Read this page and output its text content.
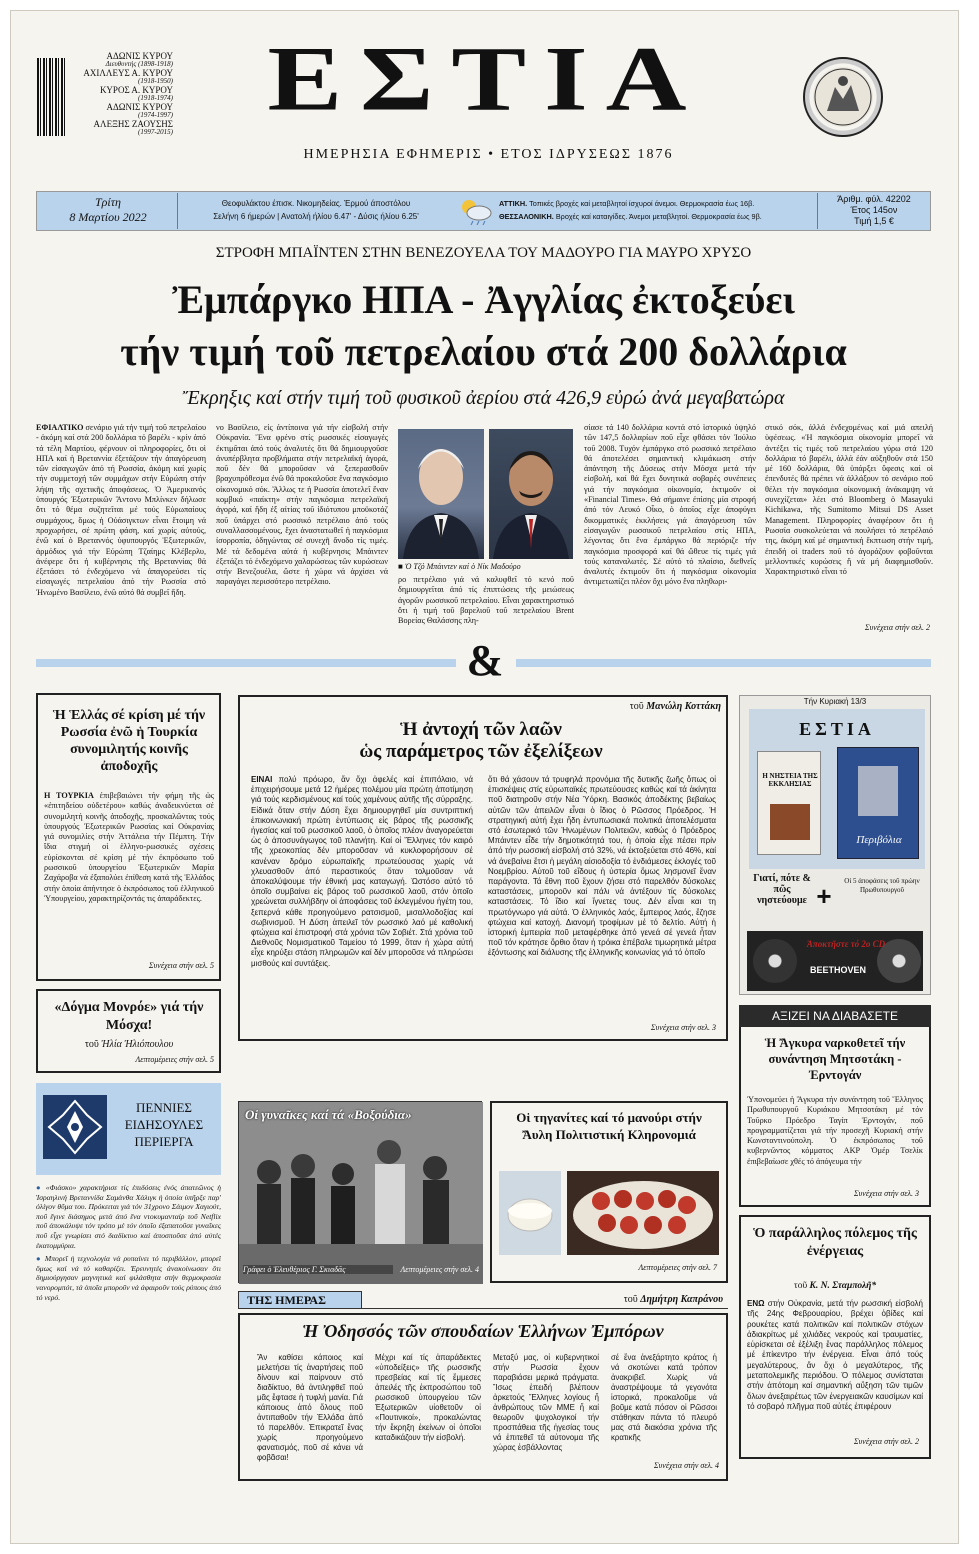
ΑΔΩΝΙΣ ΚΥΡΟΥ
Διευθυντής (1898-1918)
ΑΧΙΛΛΕΥΣ Α. ΚΥΡΟΥ
(1918-1950)
ΚΥΡΟΣ Α. ΚΥΡΟΥ
(1918-1974)
ΑΔΩΝΙΣ ΚΥΡΟΥ
(1974-1997)
ΑΛΕΞΗΣ ΖΑΟΥΣΗΣ
(1997-2015)
ΕΣΤΙΑ
ΗΜΕΡΗΣΙΑ ΕΦΗΜΕΡΙΣ • ΕΤΟΣ ΙΔΡΥΣΕΩΣ 1876
Τρίτη
8 Μαρτίου 2022
Θεοφυλάκτου έπισκ. Νικομηδείας. Έρμού άποστόλου
Σελήνη 6 ήμερών | Ανατολή ήλίου 6.47' - Δύσις ήλίου 6.25'
ΑΤΤΙΚΗ. Τοπικές βροχές καί μεταβλητοί ίσχυροί άνεμοι. Θερμοκρασία έως 16β.
ΘΕΣΣΑΛΟΝΙΚΗ. Βροχές καί καταιγίδες. Άνεμοι μεταβλητοί. Θερμοκρασία έως 9β.
Άριθμ. φύλ. 42202
Έτος 145ον
Τιμή 1,5 €
ΣΤΡΟΦΗ ΜΠΑΪΝΤΕΝ ΣΤΗΝ ΒΕΝΕΖΟΥΕΛΑ ΤΟΥ ΜΑΔΟΥΡΟ ΓΙΑ ΜΑΥΡΟ ΧΡΥΣΟ
Ἐμπάργκο ΗΠΑ - Ἀγγλίας ἐκτοξεύει
τήν τιμή τοῦ πετρελαίου στά 200 δολλάρια
Ἔκρηξις καί στήν τιμή τοῦ φυσικοῦ ἀερίου στά 426,9 εὐρώ ἀνά μεγαβατώρα
ΕΦΙΑΛΤΙΚΟ σενάριο γιά τήν τιμή τοῦ πετρελαίου - ἀκόμη καί στά 200 δολλάρια τό βαρέλι - κρίν ἀπό τά τέλη Μαρτίου, φέρνουν οἱ πληροφορίες, ὅτι οἱ ΗΠΑ καί ἡ Βρεταννία ἐξετάζουν τήν ἀπαγόρευση τῶν εἰσαγωγῶν ἀπό τή Ρωσσία, ἀκόμη καί χωρίς τήν συμμετοχή τῶν συμμάχων στήν Εὐρώπη στήν λήψη τῆς σχετικῆς ἀποφάσεως. Ὁ Ἀμερικανός ὑπουργός Ἐξωτερικῶν Ἄντονυ Μπλίνκεν δήλωσε ὅτι τό θέμα συζητεῖται μέ τούς Εὐρωπαίους συμμάχους, ὅμως ἡ Οὐάσιγκτων εἶναι ἕτοιμη νά προχωρήσει, σέ πρώτη φάση, καί χωρίς αὐτούς, ἐνῶ καί ὁ Βρεταννός ὑφυπουργός Ἐξωτερικῶν, ἁρμόδιος γιά τήν Εὐρώπη Τζαίημς Κλέβερλυ, ἀνέφερε ὅτι ἡ κυβέρνησις τῆς Βρεταννίας θά ἐξετάσει τό ἐνδεχόμενο νά ἀπαγορεύσει τίς εἰσαγωγές πετρελαίου ἀπό τήν Ρωσσία στό Ἠνωμένο Βασίλειο, ἐνῶ αὐτό θά συμβεῖ ἤδη.
νο Βασίλειο, εἰς ἀντίποινα γιά τήν εἰσβολή στήν Οὐκρανία. Ἕνα φρένο στίς ρωσσικές εἰσαγωγές ἐκτιμᾶται ἀπό τούς ἀναλυτές ὅτι θά δημιουργοῦσε ἀνυπέρβλητα προβλήματα στήν πετρελαϊκή ἀγορά, ποῦ δέν θά μποροῦσαν νά ξεπερασθοῦν βραχυπρόθεσμα ἐνῶ θά προκαλοῦσε ἕνα παγκόσμιο οἰκονομικό σόκ. Ἄλλως τε ἡ Ρωσσία ἀποτελεῖ ἕναν κομβικό «παίκτη» στήν παγκόσμια πετρελαϊκή ἀγορά, καί ἤδη ἐξ αἰτίας τοῦ ἰδιότυπου μποϋκοτάζ ποῦ ὑπάρχει στό ρωσσικό πετρέλαιο ἀπό τούς συναλλασσομένους, ἔχει ἀναστατωθεῖ ἡ παγκόσμια ἰσορροπία, ὁδηγώντας σέ συνεχῆ ἄνοδο τίς τιμές. Μέ τά δεδομένα αὐτά ἡ κυβέρνησις Μπάιντεν ἐξετάζει τό ἐνδεχόμενο χαλαρώσεως τῶν κυρώσεων στήν Βενεζουέλα, ὥστε ἡ χώρα νά ἀρχίσει νά παραγάγει περισσότερο πετρέλαιο.
■ Ὁ Τζό Μπάιντεν καί ὁ Νίκ Μαδούρο
ρο πετρέλαιο γιά νά καλυφθεῖ τό κενό ποῦ δημιουργεῖται ἀπό τίς ἐπιπτώσεις τῆς μειώσεως ἀγορῶν ρωσσικοῦ πετρελαίου. Εἶναι χαρακτηριστικό ὅτι ἡ τιμή τοῦ βαρελιοῦ τοῦ πετρελαίου Brent Βορείας Θαλάσσης πλη-
σίασε τά 140 δολλάρια κοντά στό ἱστορικό ὑψηλό τῶν 147,5 δολλαρίων ποῦ εἶχε φθάσει τόν Ἰούλιο τοῦ 2008. Τυχόν ἐμπάργκο στό ρωσσικό πετρέλαιο θά ἀποτελέσει σημαντική κλιμάκωση στήν ἀπάντηση τῆς Δύσεως στήν Μόσχα μετά τήν εἰσβολή, καί θά ἔχει δυνητικά σοβαρές συνέπειες γιά τήν παγκόσμια οἰκονομία, ἐκτιμοῦν οἱ «Financial Times». Θά σήμαινε ἐπίσης μία στροφή ἀπό τόν Λευκό Οἶκο, ὁ ὁποῖος εἶχε ἀποφύγει δικομματικές ἐκκλήσεις γιά ἀπαγόρευση τῶν εἰσαγωγῶν ρωσσικοῦ πετρελαίου στίς ΗΠΑ, λέγοντας ὅτι ἕνα ἐμπάργκο θά περιόριζε τήν παγκόσμια προσφορά καί θά ὤθευε τίς τιμές γιά τούς καταναλωτές. Σέ αὐτό τό πλαίσιο, διεθνεῖς ἀναλυτές ἐκτιμοῦν ὅτι ἡ παγκόσμια οἰκονομία ἀντιμετωπίζει πλέον ὄχι μόνο ἕνα πληθωρι-
στικό σόκ, ἀλλά ἐνδεχομένως καί μιά απειλή ὑφέσεως. «Ἡ παγκόσμια οἰκονομία μπορεῖ νά ἀντέξει τίς τιμές τοῦ πετρελαίου γύρω στά 120 δολλάρια τό βαρέλι, ἀλλά ἐάν αὐξηθοῦν στά 150 μέ 160 δολλάρια, θά ὑπάρξει ὕφεσις καί οἱ ἐπενδυτές θά πρέπει νά ἀλλάξουν τό σενάριο ποῦ θέλει τήν παγκόσμια οἰκονομική ἀνάκαμψη νά συνεχίζεται» λέει στό Bloomberg ὁ Masayuki Kichikawa, τῆς Sumitomo Mitsui DS Asset Management. Πληροφορίες ἀναφέρουν ὅτι ἡ Ρωσσία συσκολεύεται νά πουλήσει τό πετρέλαιό της, ἀκόμη καί μέ σημαντική ἔκπτωση στήν τιμή, ἐπειδή οἱ traders ποῦ τό ἀγοράζουν φοβοῦνται μελλοντικές κυρώσεις ἤ νά μή διαφημισθοῦν. Χαρακτηριστικό εἶναι τό
Συνέχεια στήν σελ. 2
&
Ἡ Ἑλλάς σέ κρίση μέ τήν Ρωσσία ἐνῶ ἡ Τουρκία συνομιλητής κοινῆς ἀποδοχῆς
Η ΤΟΥΡΚΙΑ ἐπιβεβαιώνει τήν φήμη τῆς ὡς «ἐπιτηδείου οὐδετέρου» καθώς ἀναδεικνύεται σέ συνομιλητή κοινῆς ἀποδοχῆς, προσκαλῶντας τούς ὑπουργούς Ἐξωτερικῶν Ρωσσίας καί Οὐκρανίας γιά συνομιλίες στήν Ἀττάλεια τήν Πέμπτη. Τήν ἴδια στιγμή οἱ ἑλληνο-ρωσσικές σχέσεις εὑρίσκονται σέ κρίση μέ τήν ἐκπρόσωπο τοῦ ρωσσικοῦ ὑπουργείου Ἐξωτερικῶν Μαρία Ζαχάροβα νά ἐξαπολύει ἐπίθεση κατά τῆς Ἑλλάδος στήν ὁποία ἀπήντησε ὁ ἐκπρόσωπος τοῦ ἑλληνικοῦ Ὑπουργείου, χαρακτηρίζοντάς τις ἀπαράδεκτες.
Συνέχεια στήν σελ. 5
«Δόγμα Μονρόε» γιά τήν Μόσχα!
τοῦ Ἠλία Ἠλιόπουλου
Λεπτομέρειες στήν σελ. 5
ΠΕΝΝΙΕΣ ΕΙΔΗΣΟΥΛΕΣ ΠΕΡΙΕΡΓΑ

● «Φιάσκο» χαρακτήρισε τίς ἐπιδόσεις ἐνός ἀπατεῶνος ἡ Ἱσραηλινή Βρεταννίδα Σαμάνθα Χάλιγκ ἡ ὁποία ὑπῆρξε παρ' ὀλίγον θῦμα του. Πρόκειται γιά τόν 31χρονο Σάιμον Χαγιούτ, ποῦ ἔγινε διάσημος μετά ἀπό ἕνα ντοκυμανταίρ τοῦ Netflix ποῦ ἀποκάλυψε τόν τρόπο μέ τόν ὁποῖο ἐξαπατοῦσε γυναῖκες ποῦ εἶχε γνωρίσει στό διαδίκτυο καί ἀποσποῦσε ἀπό αὐτές ἑκατομμύρια.

● Μπορεῖ ἡ τεχνολογία νά ρυπαίνει τό περιβάλλον, μπορεῖ ὅμως καί νά τό καθαρίζει. Ἐρευνητές ἀνακοίνωσαν ὅτι δημιούργησαν μαγνητικά καί φιλάσθητα στήν θερμοκρασία νανορομπότ, τά ὁποῖα μποροῦν νά ἀφαιροῦν τούς ρύπους ἀπό τό νερό.

τοῦ Μανώλη Κοττάκη
Ἡ ἀντοχή τῶν λαῶν
ὡς παράμετρος τῶν ἐξελίξεων
ΕΙΝΑΙ πολύ πρόωρο, ἄν ὄχι ἀφελές καί ἐπιπόλαιο, νά ἐπιχειρήσουμε μετά 12 ἡμέρες πολέμου μία πρώτη ἀποτίμηση γιά τούς κερδισμένους καί τούς χαμένους αὐτῆς τῆς σύρραξης. Εἰδικά ὅταν στήν Δύση ἔχει δημιουργηθεῖ μία συντριπτική ἐπικοινωνιακή πρώτη ἐντύπωσις εἰς βάρος τῆς ρωσσικῆς ἡγεσίας καί τοῦ ρωσσικοῦ λαοῦ, ὁ ὁποῖος πλέον ἀναγορεύεται ὡς ὁ ἀποσυνάγωγος τοῦ πλανήτη. Καί οἱ Ἕλληνες τόν καιρό τῆς χρεοκοπίας δέν μποροῦσαν νά κυκλοφορήσουν σέ κανέναν δρόμο εὐρωπαϊκῆς πρωτεύουσας χωρίς νά χλευασθοῦν ἀπό περαστικούς ὅταν τολμοῦσαν νά ἀποκαλύψουμε τήν ἐθνική μας καταγωγή. Ὡστόσο αὐτό τό ὁποῖο συμβαίνει εἰς βάρος τοῦ ρωσσικοῦ λαοῦ, στόν ὁποῖο χρεώνεται συλλήβδην οἱ ἀποφάσεις τοῦ ἐκλεγμένου ἡγέτη του, ξεπερνά κάθε προηγούμενο ρατσισμοῦ, μισαλλοδοξίας καί σωβινισμοῦ. Ἡ Δύση ἀπειλεῖ τόν ρωσσικό λαό μέ καθολική φτώχεια καί ἐπιστροφή στά χρόνια τῶν Σοβιέτ. Στά χρόνια τοῦ Διεθνοῦς Νομισματικοῦ Ταμείου τό 1999, ὅταν ἡ χώρα αὐτή εἶχε κηρύξει στάση πληρωμῶν καί δέν μποροῦσε νά πληρώσει μισθούς καί συντάξεις.
ὅτι θά χάσουν τά τρυφηλά προνόμια τῆς δυτικῆς ζωῆς ὅπως οἱ ἐπισκέψεις στίς εὐρωπαϊκές πρωτεύουσες καθώς καί τά ἀκίνητα ποῦ διατηροῦν στήν Νέα Ὑόρκη. Βασικός ἀποδέκτης βεβαίως αὐτῶν τῶν ἀπειλῶν εἶναι ὁ ἴδιος ὁ Ρῶσσος Πρόεδρος. Ἡ στρατηγική αὐτή ἔχει ἤδη ἐντυπωσιακά πολιτικά ἀποτελέσματα στό ἐσωτερικό τῶν Ἡνωμένων Πολιτειῶν, καθώς ὁ Πρόεδρος Μπάιντεν εἶδε τήν δημοτικότητά του, ἡ ὁποία εἶχε πέσει πρίν ἀπό τήν ρωσσική εἰσβολή στό 32%, νά ἐκτοξεύεται στό 46%, καί νά ἀνεβαίνει ἔτσι ἡ μεγάλη αἰσιοδοξία τό ἐνδιάμεσες ἐκλογές τοῦ Νοεμβρίου. Αὐτοῦ τοῦ εἴδους ἡ ὑστερία ὅμως λησμονεῖ ἕναν παράγοντα. Τά ἔθνη ποῦ ἔχουν ζήσει στό παρελθόν δύσκολες καταστάσεις, μποροῦν καί πάλι νά ἀντέξουν τίς δύσκολες καταστάσεις. Τό ἴδιο καί ἴγνετες τους. Δέν εἶναι και τη πρωτόγνωρο γιά αὐτά. Ὁ ἑλληνικός λαός, ἔμπειρος λαός, ἔζησε φτώχεια καί κατοχή. Διανομή τροφίμων μέ τό δελτίο. Αὐτή ἡ ἱστορική ἐμπειρία ποῦ μεταφέρθηκε ἀπό γενεά σέ γενεά ἦταν ποῦ τόν κράτησε ὄρθιο ὅταν ἡ τρόικα ἐπέβαλε τιμωρητικά μέτρα ἐξόντωσης καί διάλυσης τῆς ἑλληνικῆς κοινωνίας γιά τό ὁποῖο
Συνέχεια στήν σελ. 3
Τήν Κυριακή 13/3
ΕΣΤΙΑ
Η ΝΗΣΤΕΙΑ ΤΗΣ ΕΚΚΛΗΣΙΑΣ
Περιβόλια
Γιατί, πότε & πῶς νηστεύουμε +	Οἱ 5 ἀποφάσεις τοῦ πρώην Πρωθυπουργοῦ
BEETHOVEN
Ἀποκτῆστε τό 2ο CD
ΑΞΙΖΕΙ ΝΑ ΔΙΑΒΑΣΕΤΕ
Ἡ Ἄγκυρα ναρκοθετεῖ τήν συνάντηση Μητσοτάκη - Ἐρντογάν
Ὑπονομεύει ἡ Ἄγκυρα τήν συνάντηση τοῦ Ἕλληνος Πρωθυπουργοῦ Κυριάκου Μητσοτάκη μέ τόν Τοῦρκο Πρόεδρο Ταγίπ Ἐρντογάν, ποῦ προγραμματίζεται γιά τήν προσεχῆ Κυριακή στήν Κωνσταντινούπολη. Ὁ ἐκπρόσωπος τοῦ κυβερνῶντος κόμματος ΑΚΡ Ὁμέρ Τσελίκ ἐπιβεβαίωσε χθές τό ἀπόγευμα τήν
Συνέχεια στήν σελ. 3
Ὁ παράλληλος πόλεμος τῆς ἐνέργειας
τοῦ Κ. Ν. Σταμπολῆ*
ΕΝΩ στήν Οὐκρανία, μετά τήν ρωσσική εἰσβολή τῆς 24ης Φεβρουαρίου, βρέχει ὀβίδες καί ρουκέτες κατά πολιτικῶν καί πολιτικῶν στόχων ἀδιακρίτως μέ χιλιάδες νεκρούς καί τραυματίες, εὑρίσκεται σέ ἐξέλιξη ἕνας παράλληλος πόλεμος μέ ἐπίκεντρο τήν ἐνέργεια. Εἶναι ἀπό τούς μεγαλύτερους, ἄν ὄχι ὁ μεγαλύτερος, τῆς μεταπολεμικῆς περιόδου. Ὁ πόλεμος συνίσταται στήν ἀπότομη καί σημαντική αὔξηση τῶν τιμῶν ὅλων ἀνεξαιρέτως τῶν ἐνεργειακῶν καυσίμων καί τό σοβαρό πλῆγμα ποῦ αὐτές ἐπιφέρουν
Συνέχεια στήν σελ. 2
Οἱ γυναῖκες καί τά «Βοξούδια»
Γράφει ὁ Ἐλευθέριος Γ. Σκιαδᾶς	Λεπτομέρειες στήν σελ. 4
Οἱ τηγανίτες καί τό μανούρι στήν Ἄυλη Πολιτιστική Κληρονομιά
Λεπτομέρειες στήν σελ. 7
ΤΗΣ ΗΜΕΡΑΣ	τοῦ Δημήτρη Καπράνου
Ἡ Ὀδησσός τῶν σπουδαίων Ἑλλήνων Ἐμπόρων
Ἄν καθίσει κάποιος καί μελετήσει τίς ἀναρτήσεις ποῦ δίνουν καί παίρνουν στό διαδίκτυο, θά ἀντιληφθεῖ πού μᾶς ἔφτασε ἡ τυφλή μανία. Γιά κάποιους ἀπό ὅλους ποῦ ἀντιπαθοῦν τήν Ἑλλάδα ἀπό τό παρελθόν. Ἐπικρατεῖ ἕνας χωρίς προηγούμενο φανατισμός, ποῦ σέ κάνει νά φοβᾶσαι!
Μέχρι καί τίς ἀπαράδεκτες «ὑποδείξεις» τῆς ρωσσικῆς πρεσβείας καί τίς ἔμμεσες ἀπειλές τῆς ἐκπροσώπου τοῦ ρωσσικοῦ ὑπουργείου τῶν Ἐξωτερικῶν υἱοθετοῦν οἱ «Πουτινικοί», προκαλώντας τήν ἔκρηξη ἐκείνων οἱ ὁποῖοι καταδικάζουν τήν εἰσβολή.
Μεταξύ μας, οἱ κυβερνητικοί στήν Ρωσσία ἔχουν παραβιάσει μερικά πράγματα. Ἴσως ἐπειδή βλέπουν ἀρκετούς Ἕλληνες λογίους ἤ ἀνθρώπους τῶν ΜΜΕ ἤ καί θεωροῦν ψυχολογικοί τήν προσπάθεια τῆς ἡγεσίας τους νά ἐπιτεθεῖ τά αὐτονομα τῆς χώρας ἐσβάλλοντας
σέ ἕνα ἀνεξάρτητο κράτος ἡ νά σκοτώνει κατά τρόπον ἀνακριβεῖ. Χωρίς νά ἀναστρέψουμε τά γεγονότα ἱστορικά, προκαλοῦμε νά βοῦμε κατά πόσον οἱ Ρῶσσοι στάθηκαν πάντα τό πλευρό μας στά διακόσια χρόνια τῆς κρατικῆς
Συνέχεια στήν σελ. 4
